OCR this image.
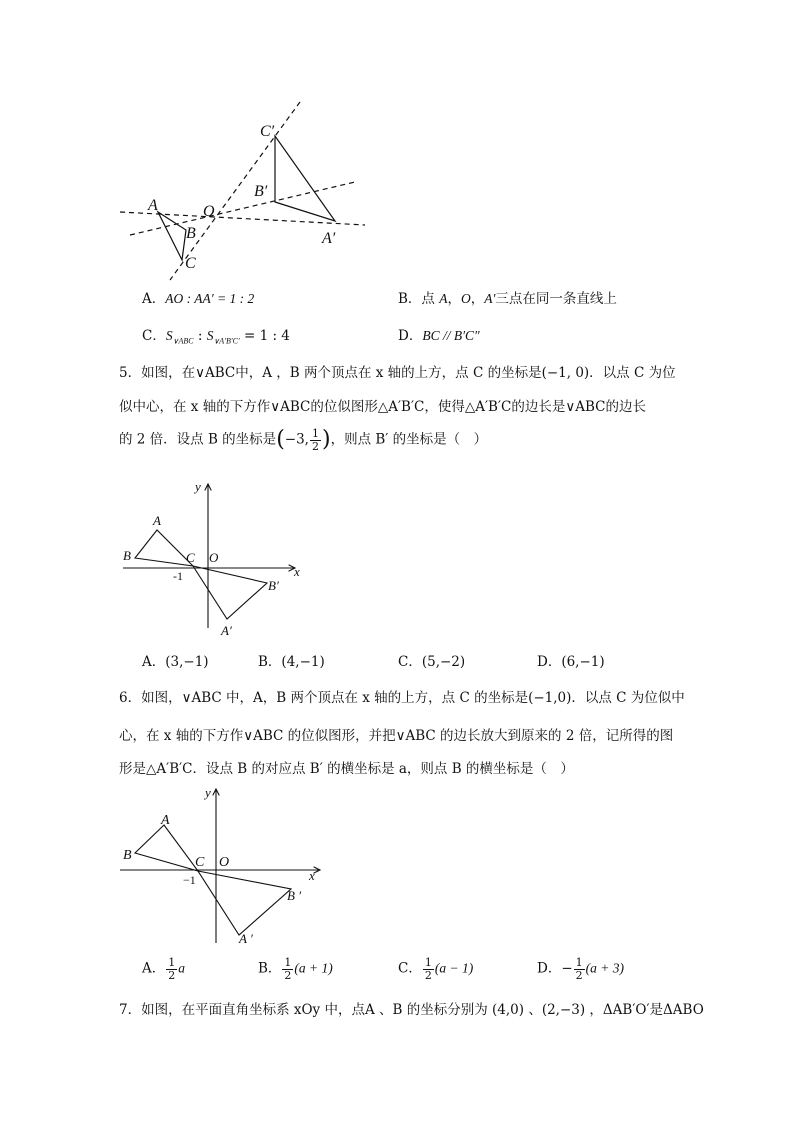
C′
B′
A	O
B	A′
C
A．AO : AA′ = 1 : 2	B．点 A，O，A′三点在同一条直线上
C．$S_{\vee ABC}$ : $S_{\vee A'B'C'} = 1$ : 4	D．BC // B′C″
5．如图，在∨ABC中，A ，B 两个顶点在 x 轴的上方，点 C 的坐标是(−1, 0)．以点 C 为位
似中心，在 x 轴的下方作∨ABC的位似图形△A′B′C，使得△A′B′C的边长是∨ABC的边长
的 2 倍．设点 B 的坐标是(−3, $\frac{1}{2}$ )，则点 B′ 的坐标是（　）
y
A
B	C O
-1	x
B′
A′
A．(3,−1)	B．(4,−1)	C．(5,−2)	D．(6,−1)
6．如图，∨ABC 中，A，B 两个顶点在 x 轴的上方，点 C 的坐标是(−1,0)．以点 C 为位似中
心，在 x 轴的下方作∨ABC 的位似图形，并把∨ABC 的边长放大到原来的 2 倍，记所得的图
形是△A′B′C．设点 B 的对应点 B′ 的横坐标是 a，则点 B 的横坐标是（　）
y
A
B	C O
−1	x
B ′
A ′
A． $\frac{1}{2}$ a	B． $\frac{1}{2} (a + 1)$	C． $\frac{1}{2} (a - 1)$	D．− $\frac{1}{2} (a + 3)$
7．如图，在平面直角坐标系 xOy 中，点A 、B 的坐标分别为 (4,0) 、(2,−3) ，ΔAB′O′是ΔABO
